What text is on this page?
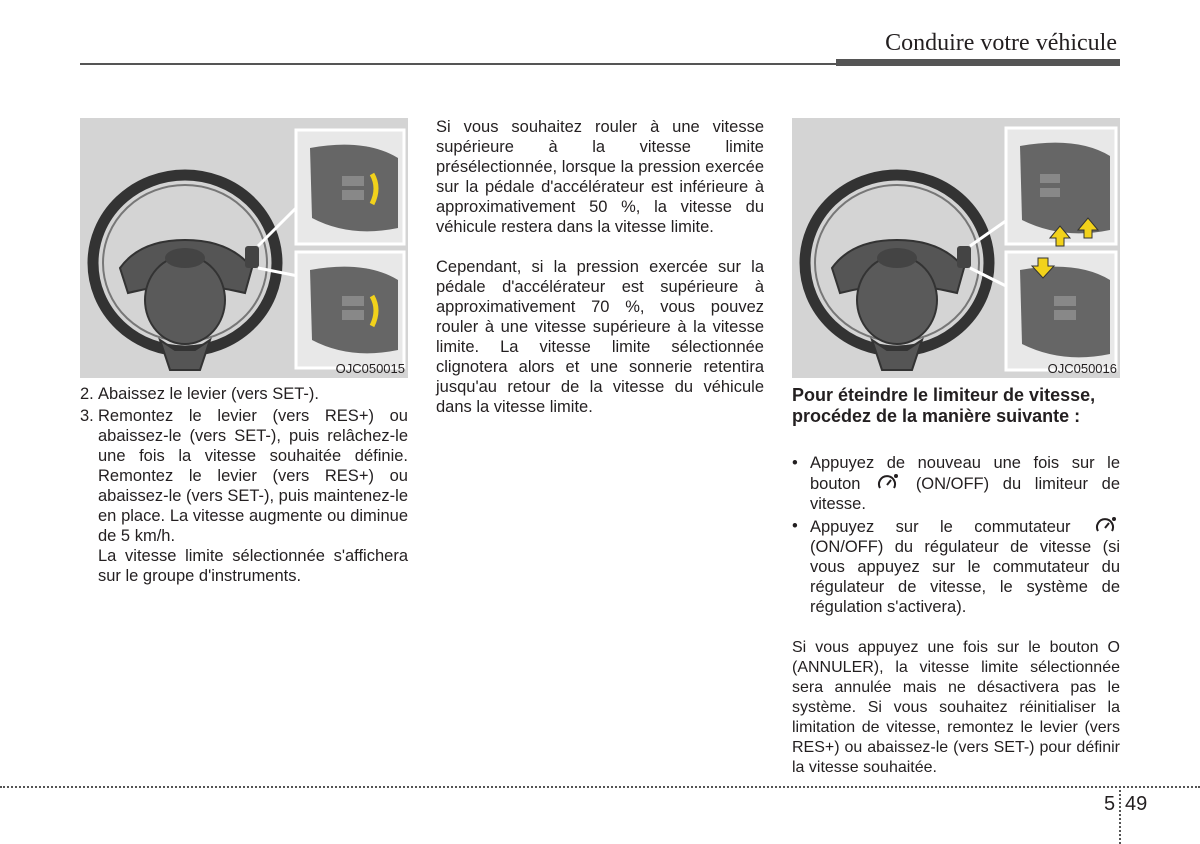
Conduire votre véhicule
OJC050015
2. Abaissez le levier (vers SET-).

3. Remontez le levier (vers RES+) ou abaissez-le (vers SET-), puis relâchez-le une fois la vitesse souhaitée définie. Remontez le levier (vers RES+) ou abaissez-le (vers SET-), puis maintenez-le en place. La vitesse augmente ou diminue de 5 km/h.

La vitesse limite sélectionnée s'affichera sur le groupe d'instruments.

Si vous souhaitez rouler à une vitesse supérieure à la vitesse limite présélectionnée, lorsque la pression exercée sur la pédale d'accélérateur est inférieure à approximativement 50 %, la vitesse du véhicule restera dans la vitesse limite.

Cependant, si la pression exercée sur la pédale d'accélérateur est supérieure à approximativement 70 %, vous pouvez rouler à une vitesse supérieure à la vitesse limite. La vitesse limite sélectionnée clignotera alors et une sonnerie retentira jusqu'au retour de la vitesse du véhicule dans la vitesse limite.

OJC050016

Pour éteindre le limiteur de vitesse, procédez de la manière suivante :

• Appuyez de nouveau une fois sur le bouton	(ON/OFF) du limiteur de vitesse.
• Appuyez sur le commutateur  (ON/OFF) du régulateur de vitesse (si vous appuyez sur le commutateur du régulateur de vitesse, le système de régulation s'activera).

Si vous appuyez une fois sur le bouton O (ANNULER), la vitesse limite sélectionnée sera annulée mais ne désactivera pas le système. Si vous souhaitez réinitialiser la limitation de vitesse, remontez le levier (vers RES+) ou abaissez-le (vers SET-) pour définir la vitesse souhaitée.

5 49
